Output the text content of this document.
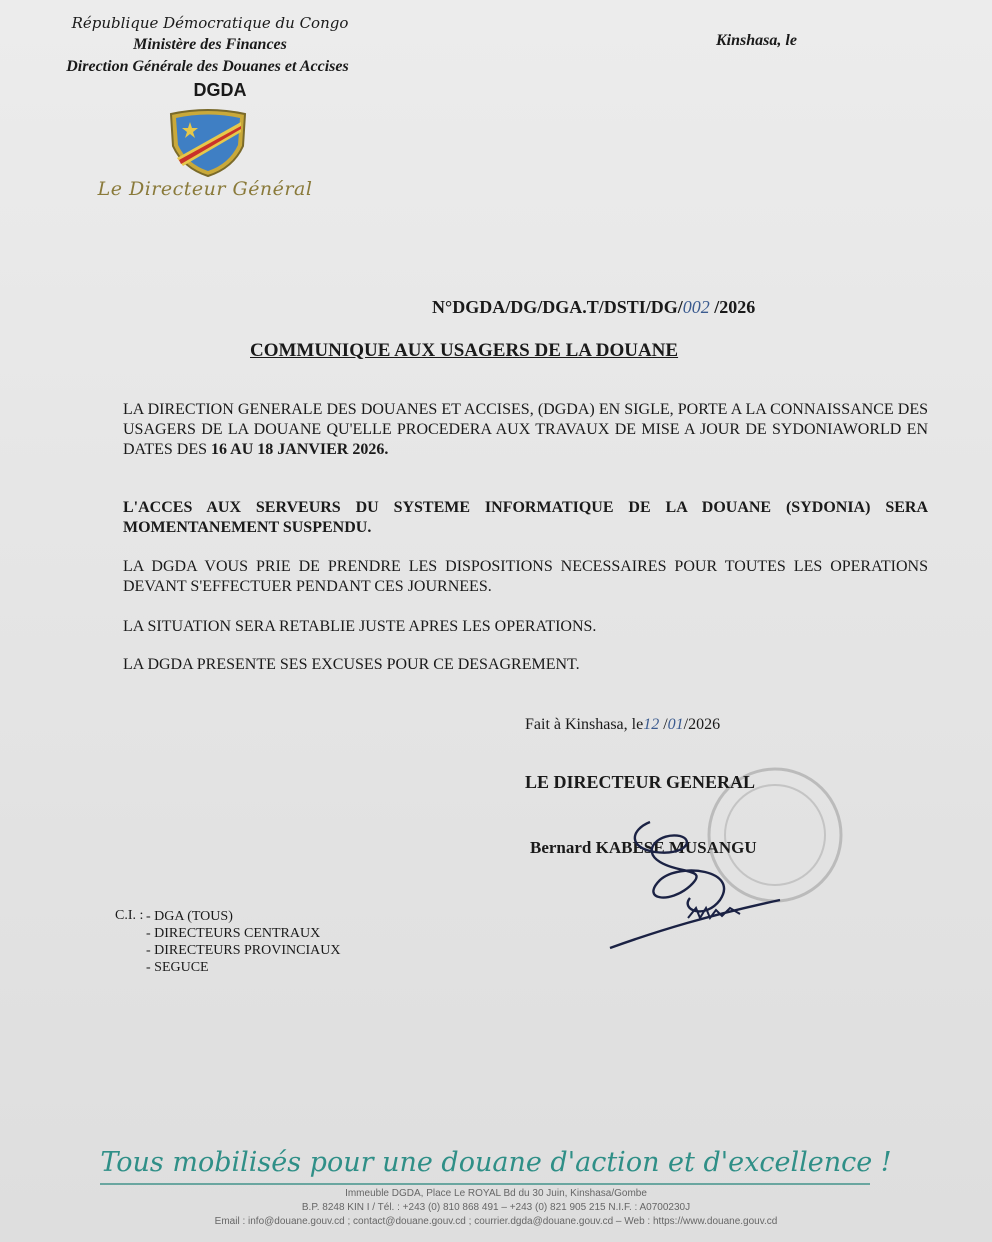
République Démocratique du Congo
Ministère des Finances
Direction Générale des Douanes et Accises
DGDA
Kinshasa, le
Le Directeur Général
N°DGDA/DG/DGA.T/DSTI/DG/002 /2026
COMMUNIQUE AUX USAGERS DE LA DOUANE
LA DIRECTION GENERALE DES DOUANES ET ACCISES, (DGDA) EN SIGLE, PORTE A LA CONNAISSANCE DES USAGERS DE LA DOUANE QU'ELLE PROCEDERA AUX TRAVAUX DE MISE A JOUR DE SYDONIAWORLD EN DATES DES 16 AU 18 JANVIER 2026.
L'ACCES AUX SERVEURS DU SYSTEME INFORMATIQUE DE LA DOUANE (SYDONIA) SERA MOMENTANEMENT SUSPENDU.
LA DGDA VOUS PRIE DE PRENDRE LES DISPOSITIONS NECESSAIRES POUR TOUTES LES OPERATIONS DEVANT S'EFFECTUER PENDANT CES JOURNEES.
LA SITUATION SERA RETABLIE JUSTE APRES LES OPERATIONS.
LA DGDA PRESENTE SES EXCUSES POUR CE DESAGREMENT.
Fait à Kinshasa, le12 /01/2026
LE DIRECTEUR GENERAL
Bernard KABESE MUSANGU
C.I. : - DGA (TOUS)
- DIRECTEURS CENTRAUX
- DIRECTEURS PROVINCIAUX
- SEGUCE
Tous mobilisés pour une douane d'action et d'excellence !
Immeuble DGDA, Place Le ROYAL Bd du 30 Juin, Kinshasa/Gombe
B.P. 8248 KIN I / Tél. : +243 (0) 810 868 491 – +243 (0) 821 905 215 N.I.F. : A0700230J
Email : info@douane.gouv.cd ; contact@douane.gouv.cd ; courrier.dgda@douane.gouv.cd – Web : https://www.douane.gouv.cd
